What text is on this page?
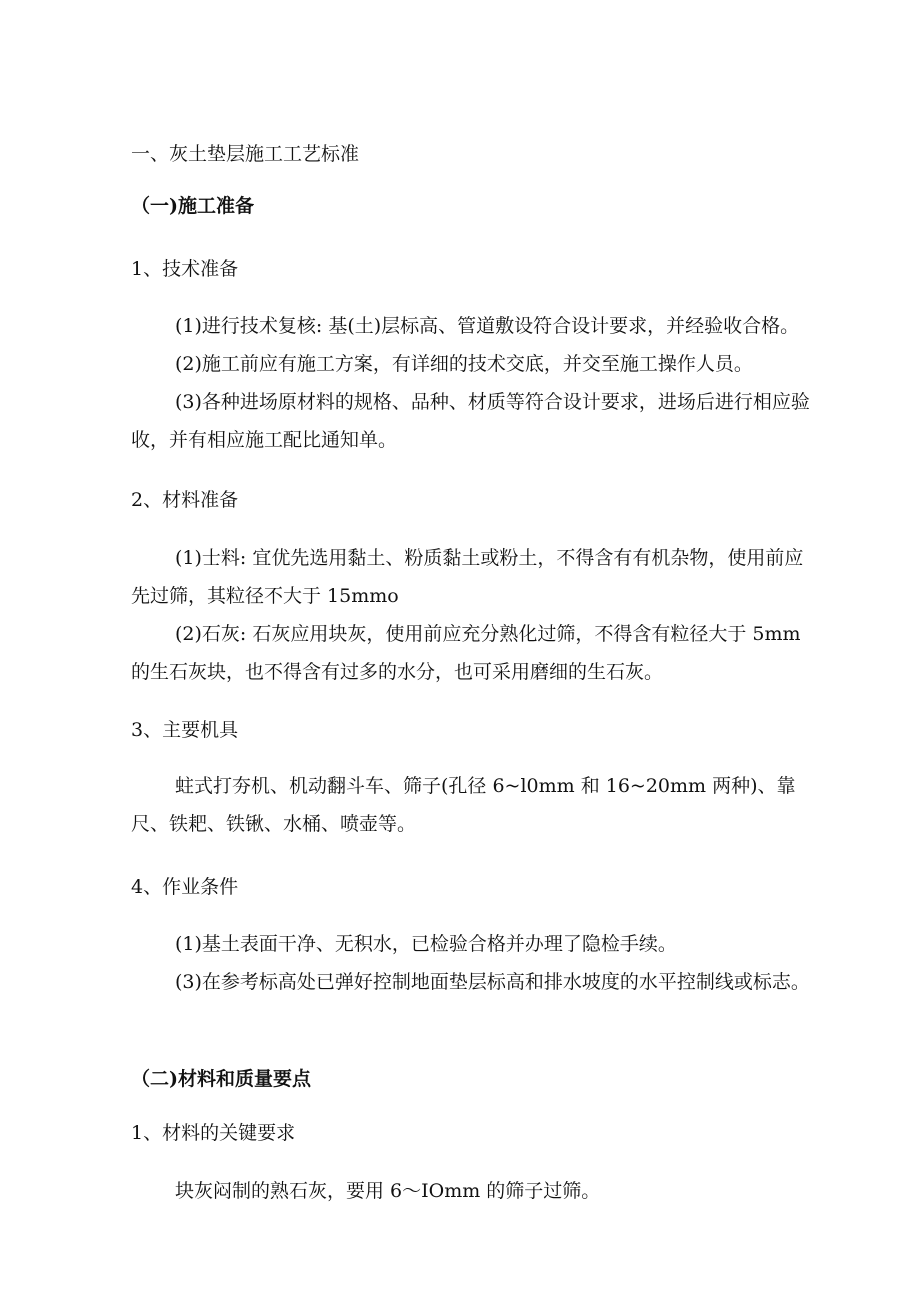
一、灰土垫层施工工艺标准
（一)施工准备
1、技术准备
(1)进行技术复核: 基(土)层标高、管道敷设符合设计要求，并经验收合格。
(2)施工前应有施工方案，有详细的技术交底，并交至施工操作人员。
(3)各种进场原材料的规格、品种、材质等符合设计要求，进场后进行相应验收，并有相应施工配比通知单。
2、材料准备
(1)士料: 宜优先选用黏土、粉质黏土或粉土，不得含有有机杂物，使用前应先过筛，其粒径不大于 15mmo
(2)石灰: 石灰应用块灰，使用前应充分熟化过筛，不得含有粒径大于 5mm 的生石灰块，也不得含有过多的水分，也可采用磨细的生石灰。
3、主要机具
蛀式打夯机、机动翻斗车、筛子(孔径 6~l0mm 和 16~20mm 两种)、靠尺、铁耙、铁锹、水桶、喷壶等。
4、作业条件
(1)基土表面干净、无积水，已检验合格并办理了隐检手续。
(3)在参考标高处已弹好控制地面垫层标高和排水坡度的水平控制线或标志。
（二)材料和质量要点
1、材料的关键要求
块灰闷制的熟石灰，要用 6～IOmm 的筛子过筛。
